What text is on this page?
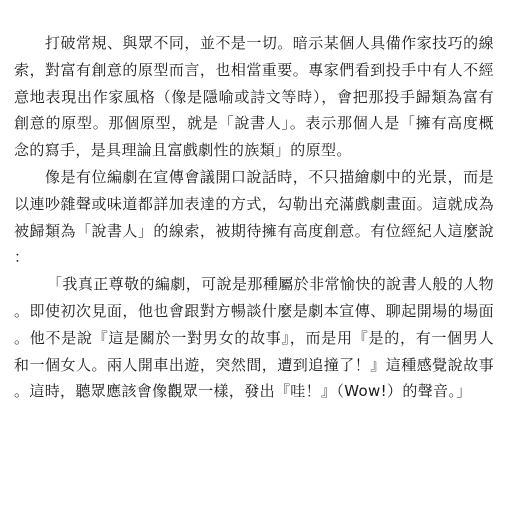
打破常規、與眾不同，並不是一切。暗示某個人具備作家技巧的線索，對富有創意的原型而言，也相當重要。專家們看到投手中有人不經意地表現出作家風格（像是隱喻或詩文等時），會把那投手歸類為富有創意的原型。那個原型，就是「說書人」。表示那個人是「擁有高度概念的寫手，是具理論且富戲劇性的族類」的原型。

像是有位編劇在宣傳會議開口說話時，不只描繪劇中的光景，而是以連吵雜聲或味道都詳加表達的方式，勾勒出充滿戲劇畫面。這就成為被歸類為「說書人」的線索，被期待擁有高度創意。有位經紀人這麼說：

「我真正尊敬的編劇，可說是那種屬於非常愉快的說書人般的人物。即使初次見面，他也會跟對方暢談什麼是劇本宣傳、聊起開場的場面。他不是說『這是關於一對男女的故事』，而是用『是的，有一個男人和一個女人。兩人開車出遊，突然間，遭到追撞了！』這種感覺說故事。這時，聽眾應該會像觀眾一樣，發出『哇！』（Wow!）的聲音。」
